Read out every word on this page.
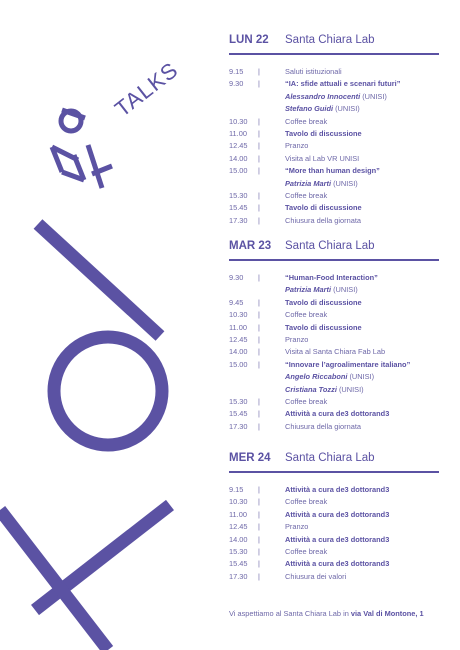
TALKS
LUN 22	Santa Chiara Lab
9.15	|	Saluti istituzionali
9.30	|	“IA: sfide attuali e scenari futuri”
Alessandro Innocenti (UNISI)
Stefano Guidi (UNISI)
10.30	|	Coffee break
11.00	|	Tavolo di discussione
12.45	|	Pranzo
14.00	|	Visita al Lab VR UNISI
15.00	|	“More than human design”
Patrizia Marti (UNISI)
15.30	|	Coffee break
15.45	|	Tavolo di discussione
17.30	|	Chiusura della giornata
MAR 23	Santa Chiara Lab
9.30	|	“Human-Food Interaction”
Patrizia Marti (UNISI)
9.45	|	Tavolo di discussione
10.30	|	Coffee break
11.00	|	Tavolo di discussione
12.45	|	Pranzo
14.00	|	Visita al Santa Chiara Fab Lab
15.00	|	“Innovare l’agroalimentare italiano”
Angelo Riccaboni (UNISI)
Cristiana Tozzi (UNISI)
15.30	|	Coffee break
15.45	|	Attività a cura de3 dottorand3
17.30	|	Chiusura della giornata
MER 24	Santa Chiara Lab
9.15	|	Attività a cura de3 dottorand3
10.30	|	Coffee break
11.00	|	Attività a cura de3 dottorand3
12.45	|	Pranzo
14.00	|	Attività a cura de3 dottorand3
15.30	|	Coffee break
15.45	|	Attività a cura de3 dottorand3
17.30	|	Chiusura dei valori
Vi aspettiamo al Santa Chiara Lab in via Val di Montone, 1
